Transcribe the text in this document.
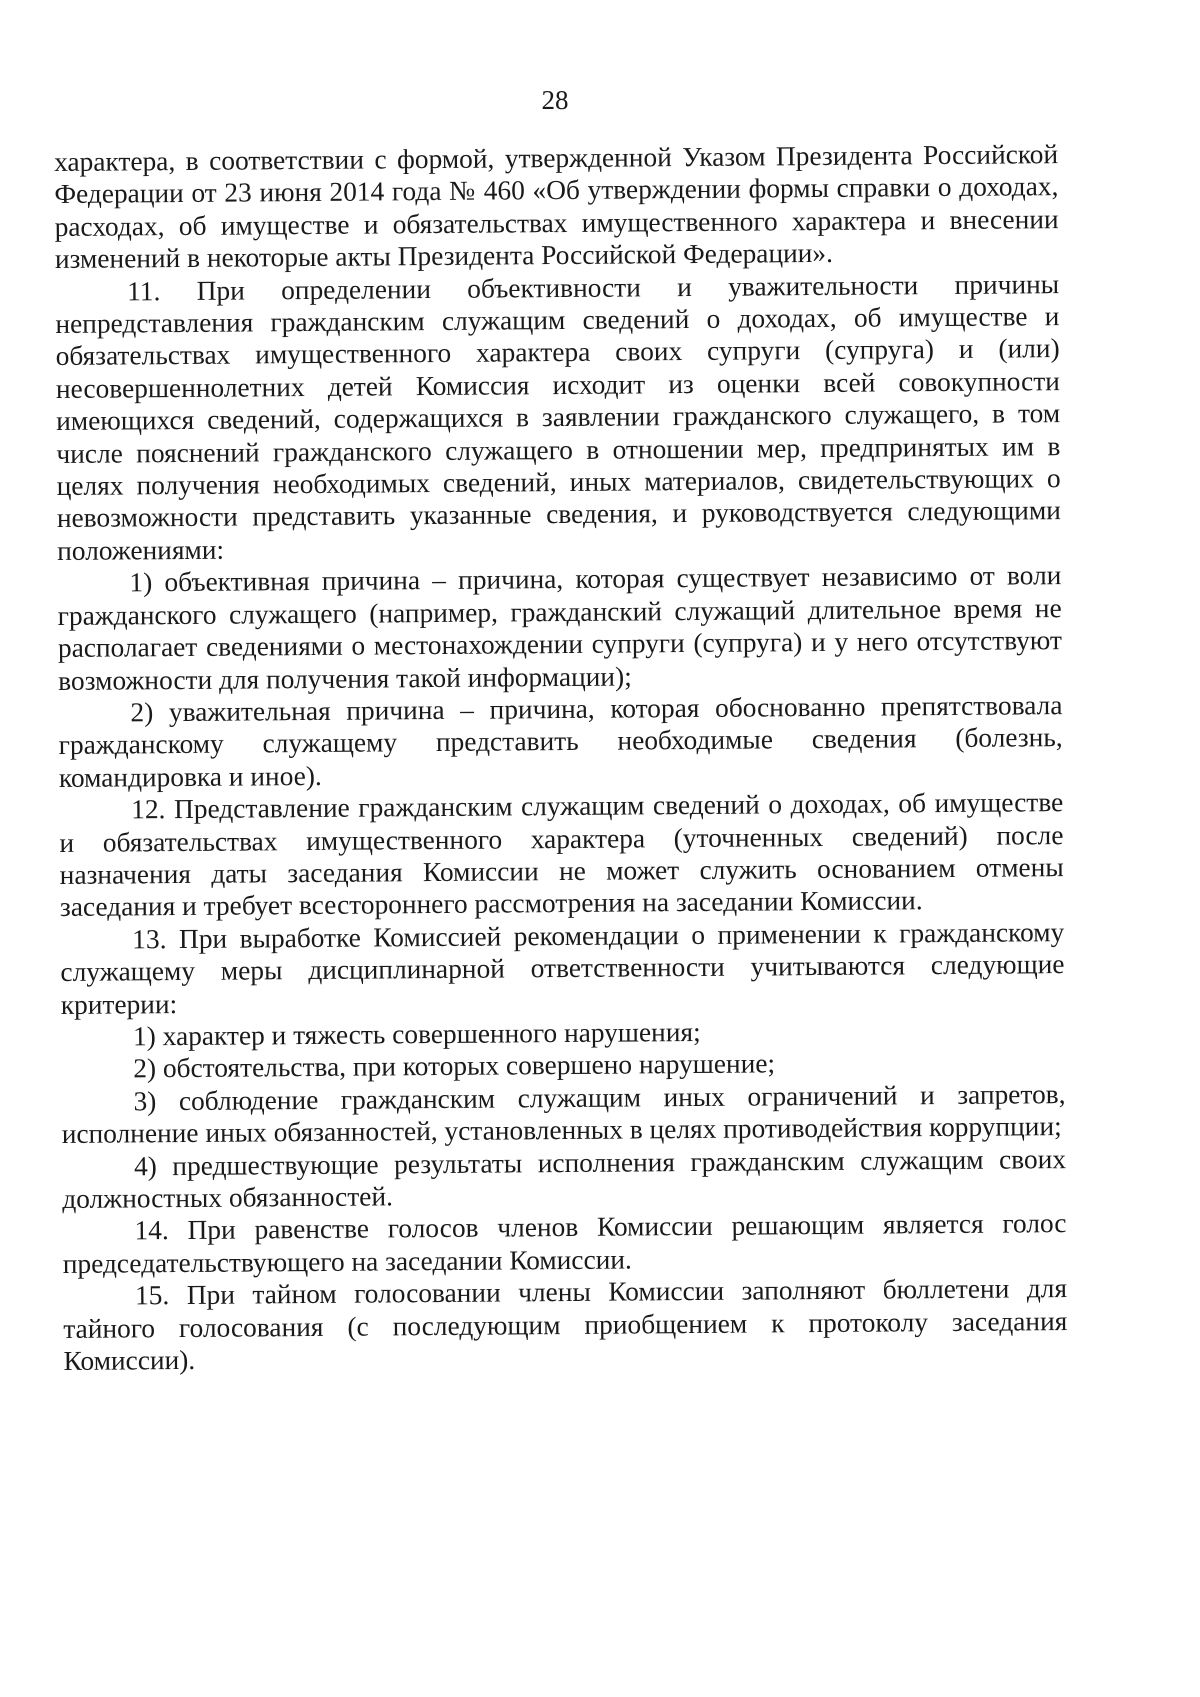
28

характера, в соответствии с формой, утвержденной Указом Президента Российской Федерации от 23 июня 2014 года № 460 «Об утверждении формы справки о доходах, расходах, об имуществе и обязательствах имущественного характера и внесении изменений в некоторые акты Президента Российской Федерации».

11. При определении объективности и уважительности причины непредставления гражданским служащим сведений о доходах, об имуществе и обязательствах имущественного характера своих супруги (супруга) и (или) несовершеннолетних детей Комиссия исходит из оценки всей совокупности имеющихся сведений, содержащихся в заявлении гражданского служащего, в том числе пояснений гражданского служащего в отношении мер, предпринятых им в целях получения необходимых сведений, иных материалов, свидетельствующих о невозможности представить указанные сведения, и руководствуется следующими положениями:

1) объективная причина – причина, которая существует независимо от воли гражданского служащего (например, гражданский служащий длительное время не располагает сведениями о местонахождении супруги (супруга) и у него отсутствуют возможности для получения такой информации);

2) уважительная причина – причина, которая обоснованно препятствовала гражданскому служащему представить необходимые сведения (болезнь, командировка и иное).

12. Представление гражданским служащим сведений о доходах, об имуществе и обязательствах имущественного характера (уточненных сведений) после назначения даты заседания Комиссии не может служить основанием отмены заседания и требует всестороннего рассмотрения на заседании Комиссии.

13. При выработке Комиссией рекомендации о применении к гражданскому служащему меры дисциплинарной ответственности учитываются следующие критерии:

1) характер и тяжесть совершенного нарушения;

2) обстоятельства, при которых совершено нарушение;

3) соблюдение гражданским служащим иных ограничений и запретов, исполнение иных обязанностей, установленных в целях противодействия коррупции;

4) предшествующие результаты исполнения гражданским служащим своих должностных обязанностей.

14. При равенстве голосов членов Комиссии решающим является голос председательствующего на заседании Комиссии.

15. При тайном голосовании члены Комиссии заполняют бюллетени для тайного голосования (с последующим приобщением к протоколу заседания Комиссии).
